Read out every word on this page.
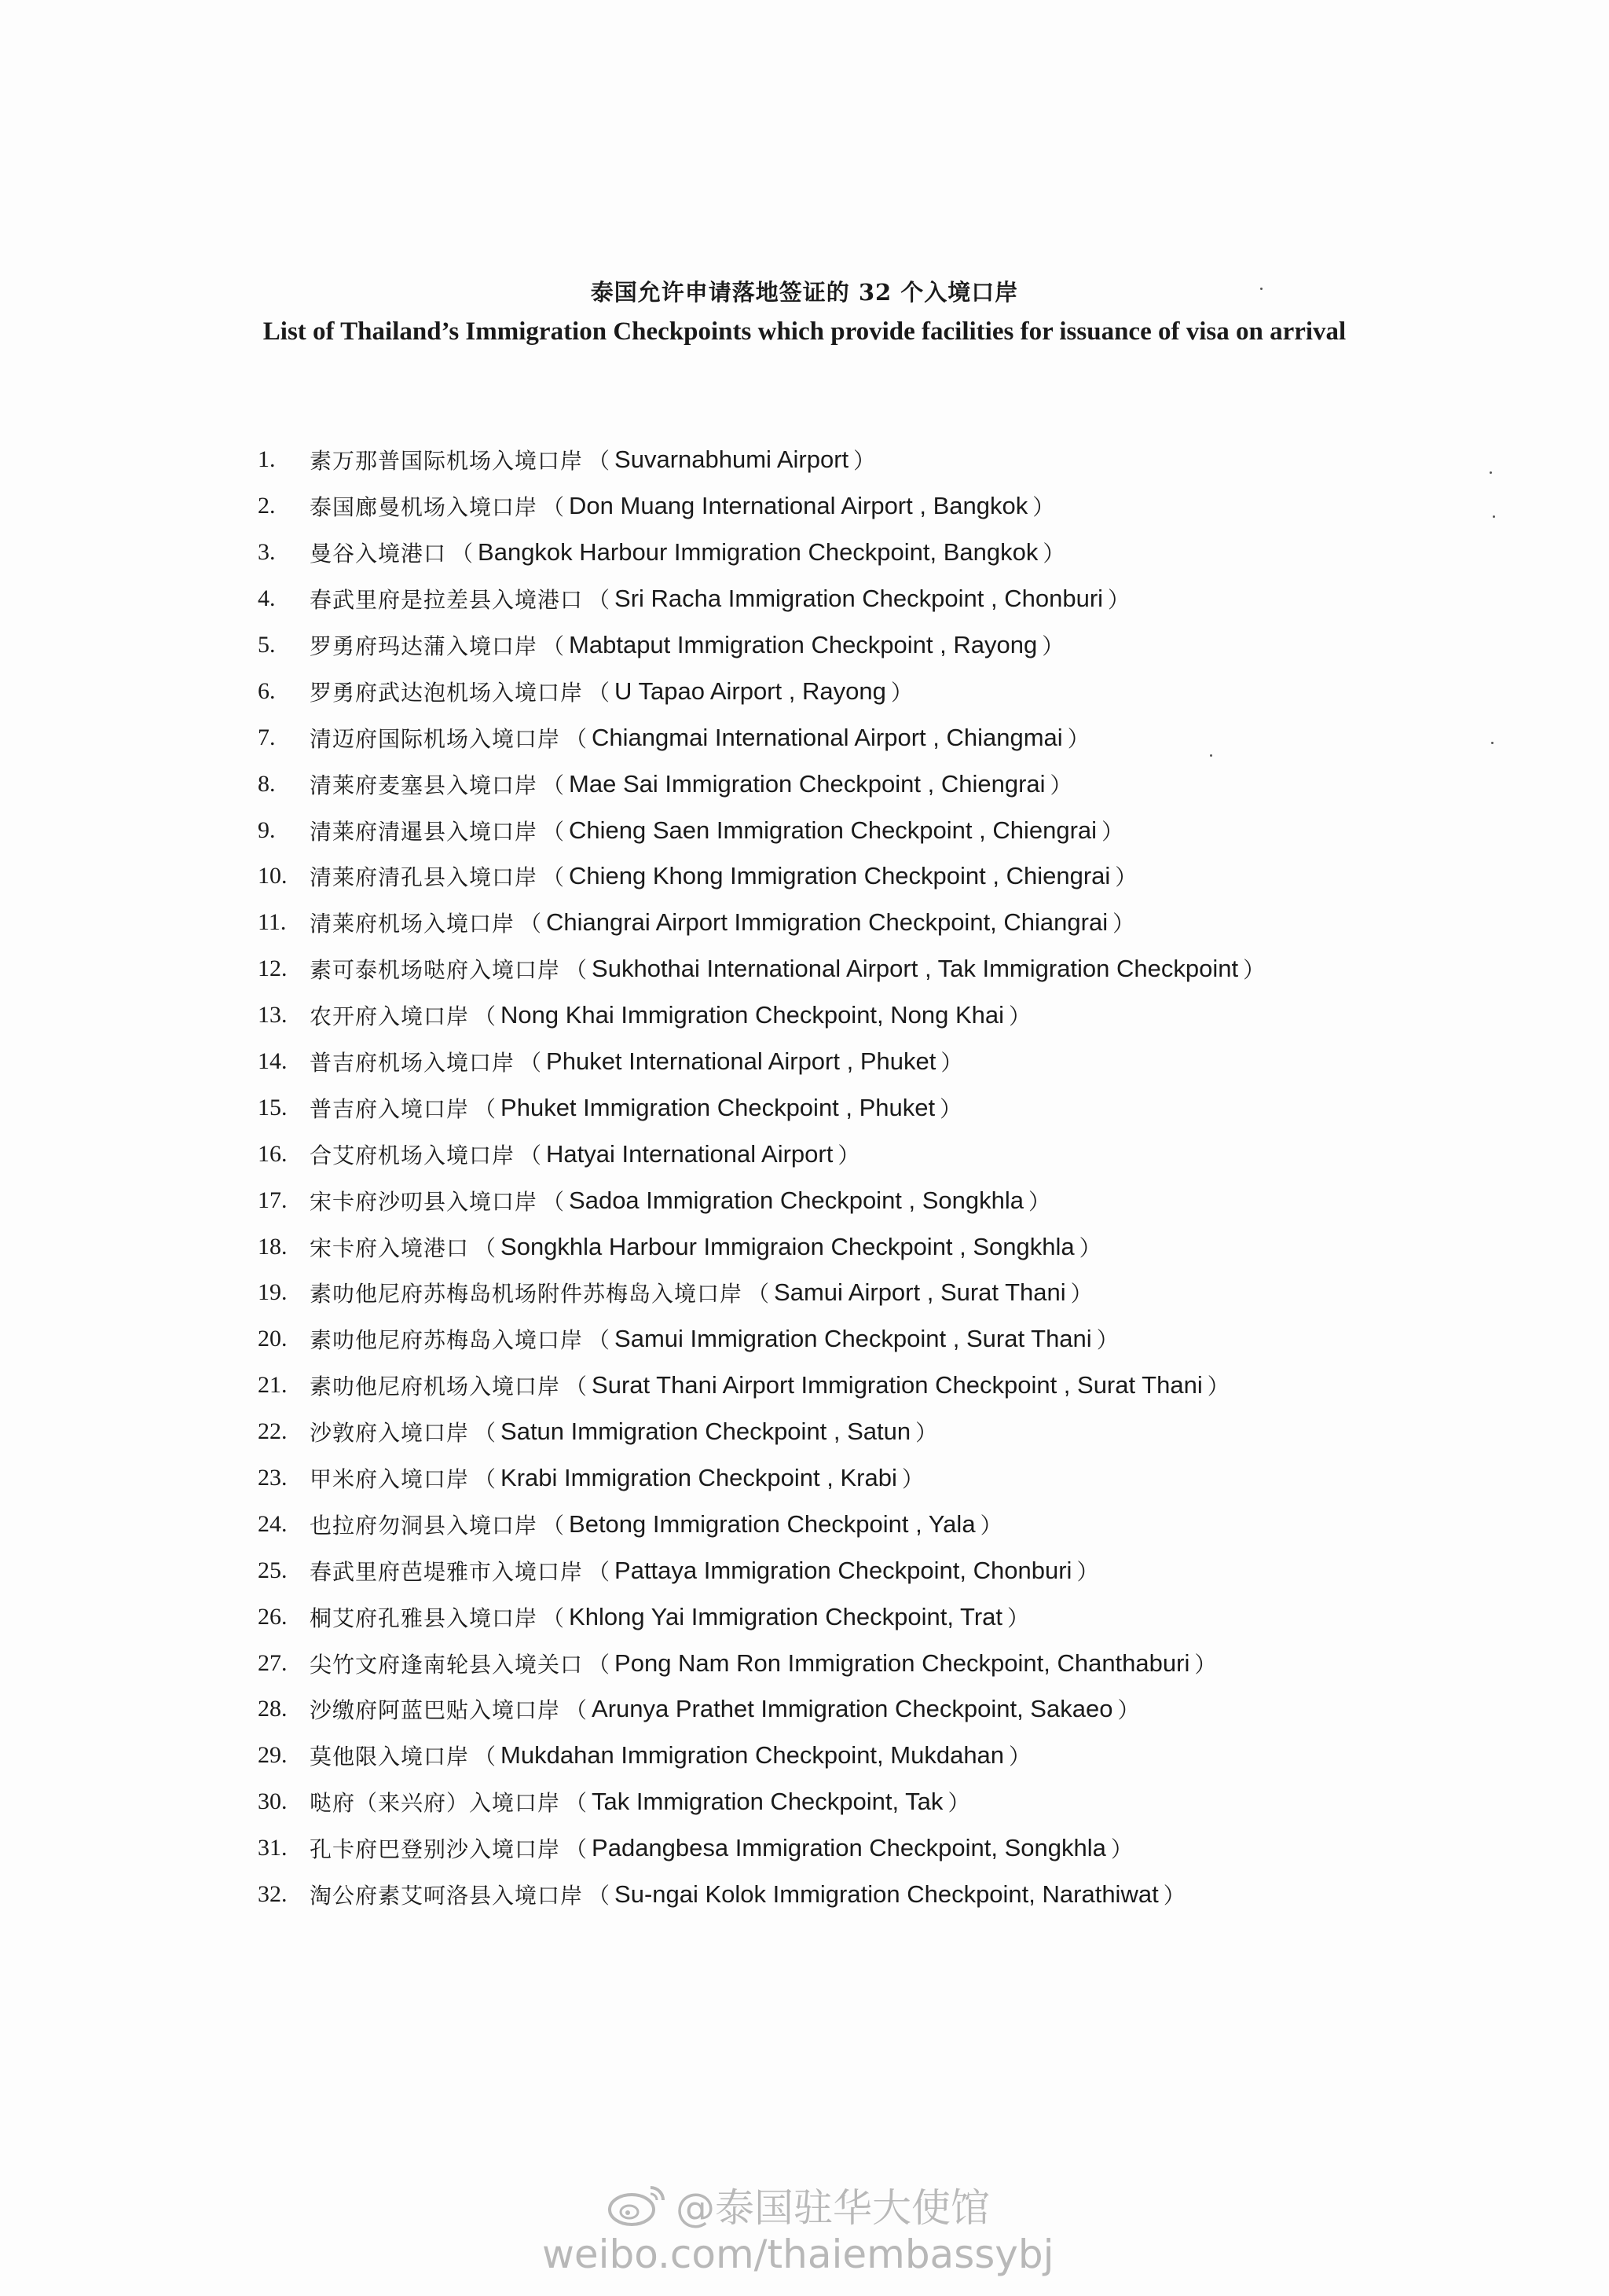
泰国允许申请落地签证的 32 个入境口岸
List of Thailand’s Immigration Checkpoints which provide facilities for issuance of visa on arrival
1.	素万那普国际机场入境口岸 （ Suvarnabhumi Airport ）
2.	泰国廊曼机场入境口岸 （ Don Muang International Airport , Bangkok ）
3.	曼谷入境港口 （ Bangkok Harbour Immigration Checkpoint, Bangkok ）
4.	春武里府是拉差县入境港口 （ Sri Racha Immigration Checkpoint , Chonburi ）
5.	罗勇府玛达蒲入境口岸 （ Mabtaput Immigration Checkpoint , Rayong ）
6.	罗勇府武达泡机场入境口岸 （ U Tapao Airport , Rayong ）
7.	清迈府国际机场入境口岸 （ Chiangmai International Airport , Chiangmai ）
8.	清莱府麦塞县入境口岸 （ Mae Sai Immigration Checkpoint , Chiengrai ）
9.	清莱府清暹县入境口岸 （ Chieng Saen Immigration Checkpoint , Chiengrai ）
10.	清莱府清孔县入境口岸 （ Chieng Khong Immigration Checkpoint , Chiengrai ）
11.	清莱府机场入境口岸 （ Chiangrai Airport Immigration Checkpoint, Chiangrai ）
12.	素可泰机场哒府入境口岸 （ Sukhothai International Airport , Tak Immigration Checkpoint ）
13.	农开府入境口岸 （ Nong Khai Immigration Checkpoint, Nong Khai ）
14.	普吉府机场入境口岸 （ Phuket International Airport , Phuket ）
15.	普吉府入境口岸 （ Phuket Immigration Checkpoint , Phuket ）
16.	合艾府机场入境口岸 （ Hatyai International Airport ）
17.	宋卡府沙叨县入境口岸 （ Sadoa Immigration Checkpoint , Songkhla ）
18.	宋卡府入境港口 （ Songkhla Harbour Immigraion Checkpoint , Songkhla ）
19.	素叻他尼府苏梅岛机场附件苏梅岛入境口岸 （ Samui Airport , Surat Thani ）
20.	素叻他尼府苏梅岛入境口岸 （ Samui Immigration Checkpoint , Surat Thani ）
21.	素叻他尼府机场入境口岸 （ Surat Thani Airport Immigration Checkpoint , Surat Thani ）
22.	沙敦府入境口岸 （ Satun Immigration Checkpoint , Satun ）
23.	甲米府入境口岸 （ Krabi Immigration Checkpoint , Krabi ）
24.	也拉府勿洞县入境口岸 （ Betong Immigration Checkpoint , Yala ）
25.	春武里府芭堤雅市入境口岸 （ Pattaya Immigration Checkpoint, Chonburi ）
26.	桐艾府孔雅县入境口岸 （ Khlong Yai Immigration Checkpoint, Trat ）
27.	尖竹文府逢南轮县入境关口 （ Pong Nam Ron Immigration Checkpoint, Chanthaburi ）
28.	沙缴府阿蓝巴贴入境口岸 （ Arunya Prathet Immigration Checkpoint, Sakaeo ）
29.	莫他限入境口岸 （ Mukdahan Immigration Checkpoint, Mukdahan ）
30.	哒府（来兴府）入境口岸 （ Tak Immigration Checkpoint, Tak ）
31.	孔卡府巴登别沙入境口岸 （ Padangbesa Immigration Checkpoint, Songkhla ）
32.	淘公府素艾呵洛县入境口岸 （ Su-ngai Kolok Immigration Checkpoint, Narathiwat ）
@泰国驻华大使馆
weibo.com/thaiembassybj
